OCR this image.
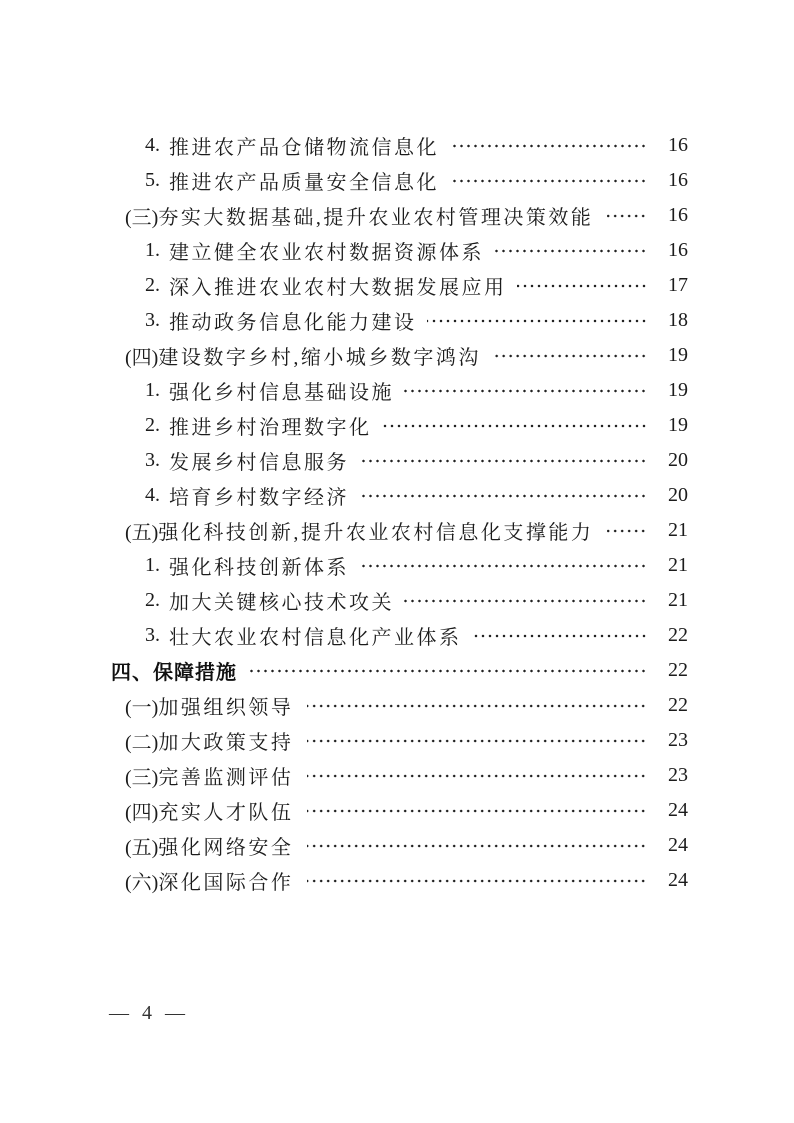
4. 推进农产品仓储物流信息化	16
5. 推进农产品质量安全信息化	16
(三) 夯实大数据基础,提升农业农村管理决策效能	16
1. 建立健全农业农村数据资源体系	16
2. 深入推进农业农村大数据发展应用	17
3. 推动政务信息化能力建设	18
(四) 建设数字乡村,缩小城乡数字鸿沟	19
1. 强化乡村信息基础设施	19
2. 推进乡村治理数字化	19
3. 发展乡村信息服务	20
4. 培育乡村数字经济	20
(五) 强化科技创新,提升农业农村信息化支撑能力	21
1. 强化科技创新体系	21
2. 加大关键核心技术攻关	21
3. 壮大农业农村信息化产业体系	22
四、 保障措施	22
(一) 加强组织领导	22
(二) 加大政策支持	23
(三) 完善监测评估	23
(四) 充实人才队伍	24
(五) 强化网络安全	24
(六) 深化国际合作	24
— 4 —
